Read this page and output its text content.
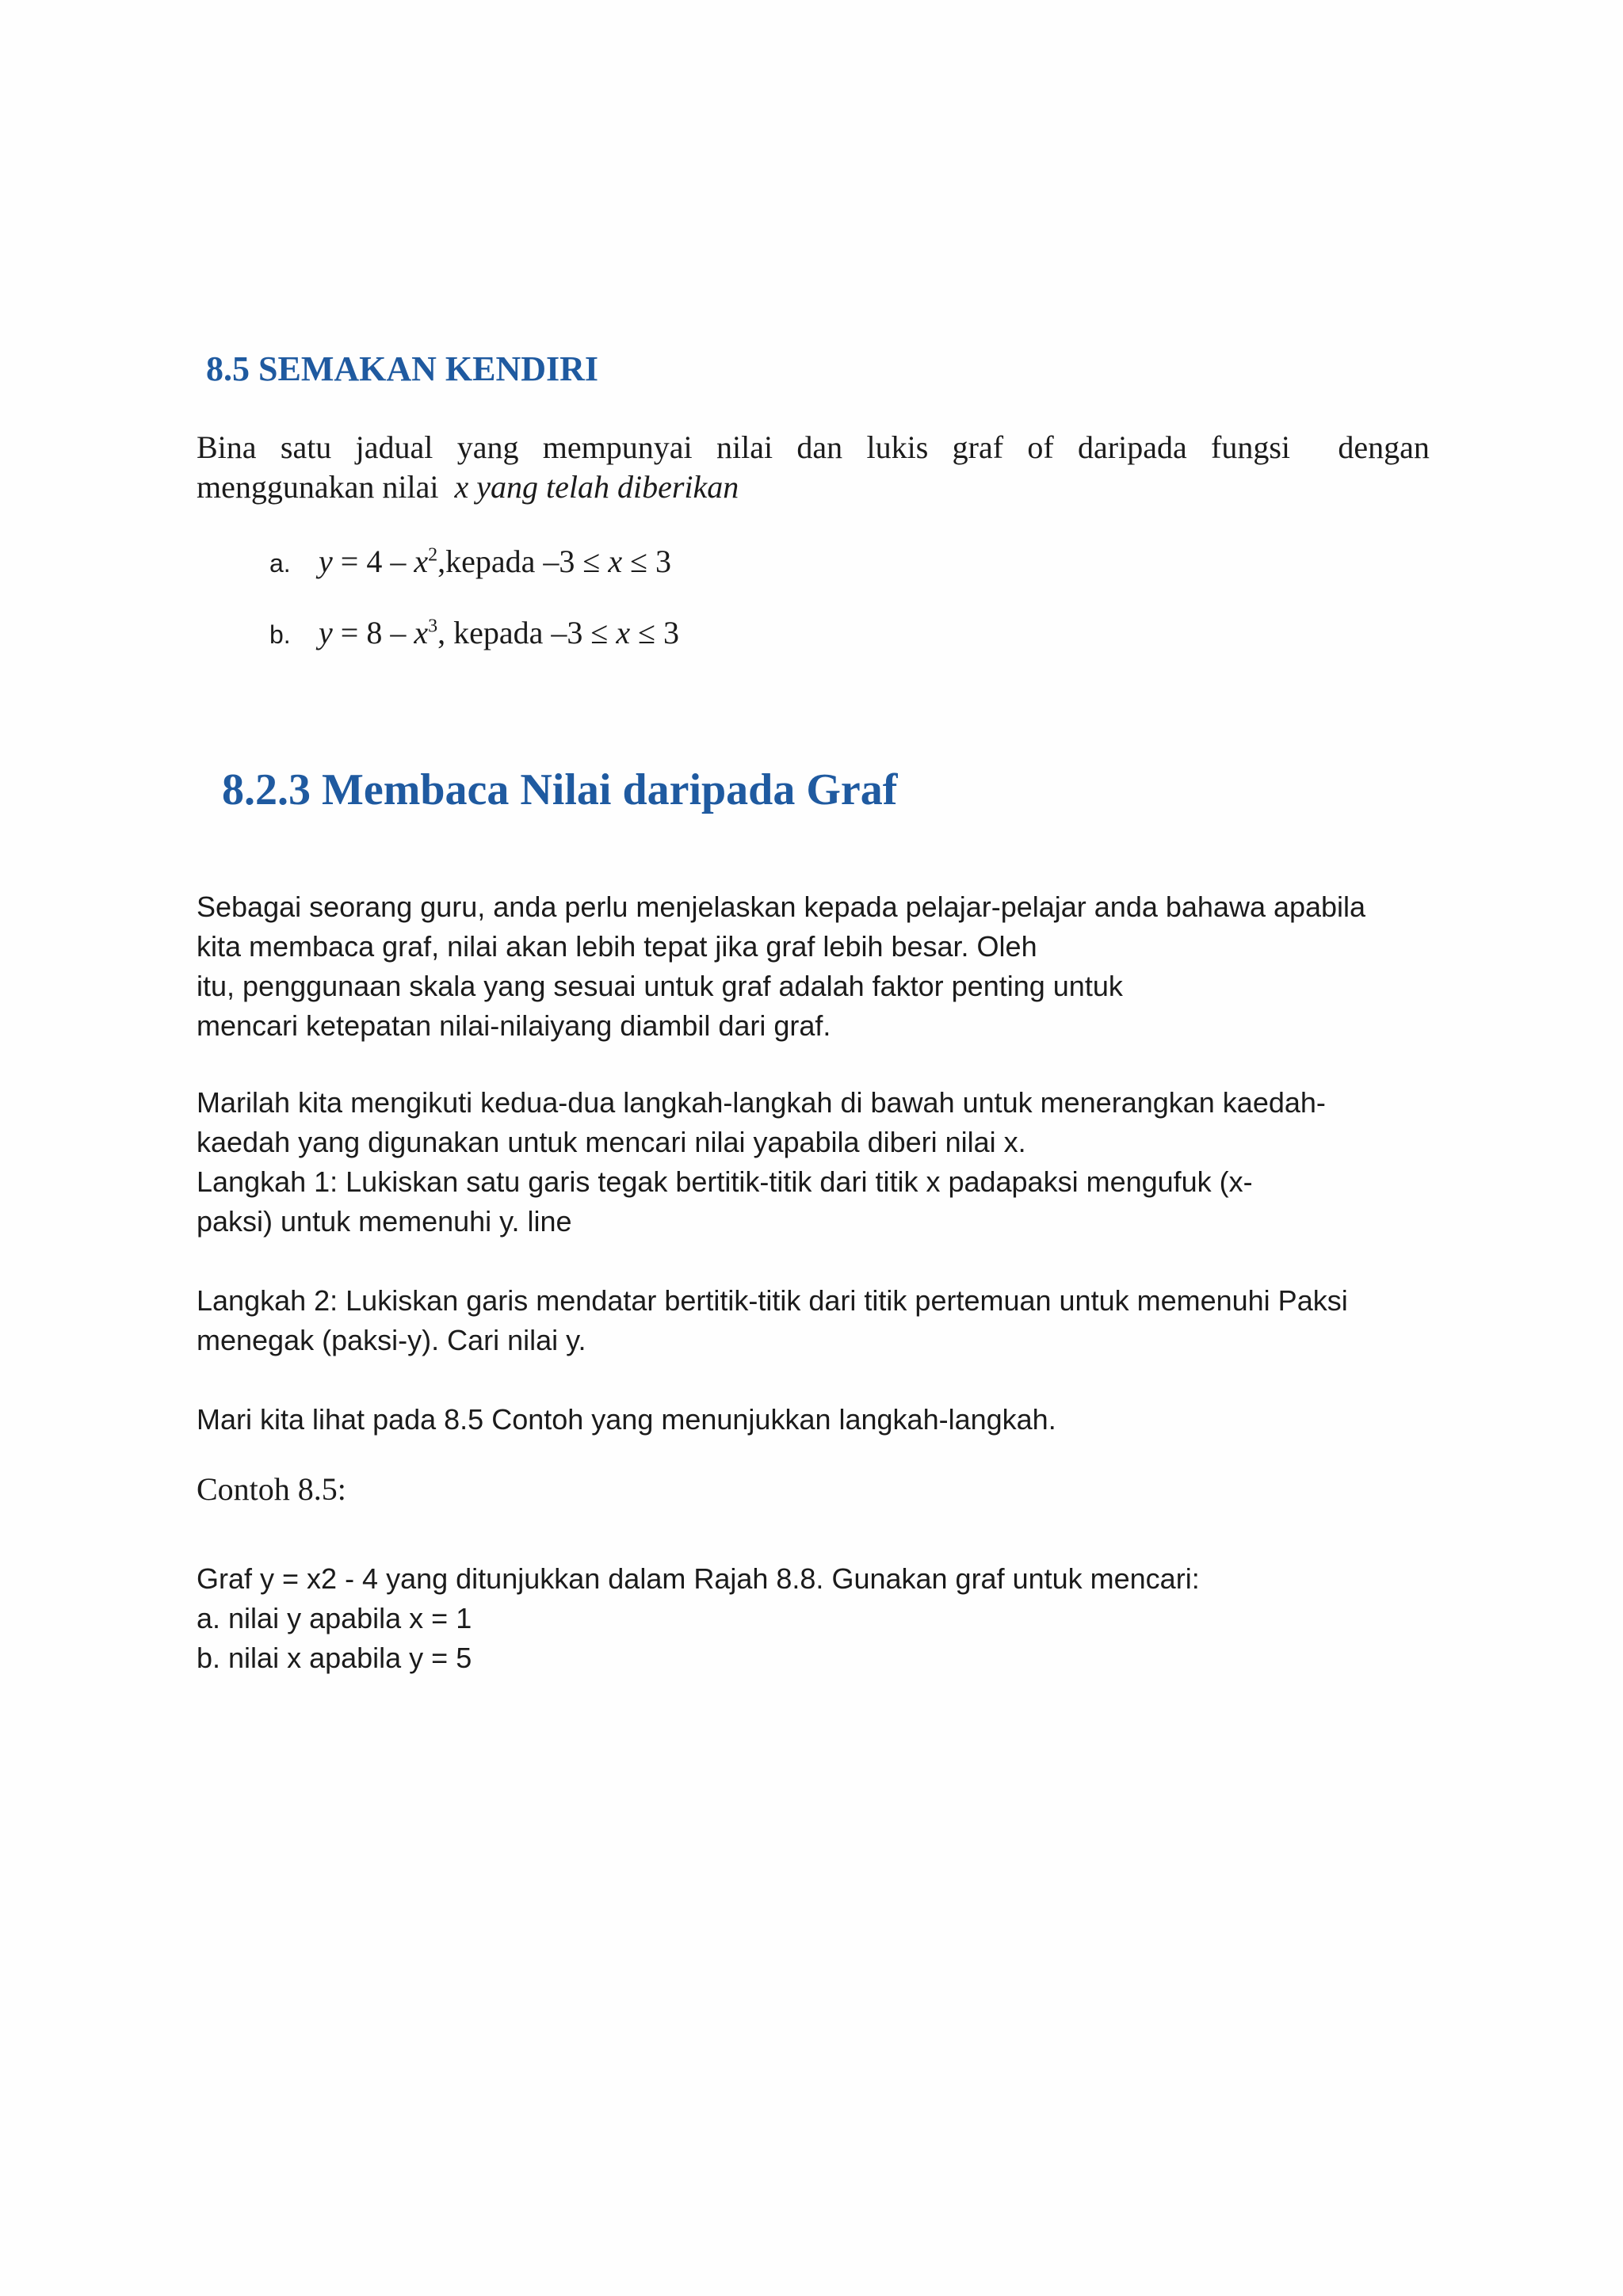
8.5 SEMAKAN KENDIRI
Bina satu jadual yang mempunyai nilai dan lukis graf of daripada fungsi	dengan
menggunakan nilai x yang telah diberikan
a. $y = 4 - x^2,kepada$ –3 ≤ x ≤ 3
b. $y = 8 - x^3$, kepada –3 ≤ x ≤ 3
8.2.3 Membaca Nilai daripada Graf
Sebagai seorang guru, anda perlu menjelaskan kepada pelajar-pelajar anda bahawa apabila
kita membaca graf, nilai akan lebih tepat jika graf lebih besar. Oleh
itu, penggunaan skala yang sesuai untuk graf adalah faktor penting untuk
mencari ketepatan nilai-nilaiyang diambil dari graf.
Marilah kita mengikuti kedua-dua langkah-langkah di bawah untuk menerangkan kaedah-
kaedah yang digunakan untuk mencari nilai yapabila diberi nilai x.
Langkah 1: Lukiskan satu garis tegak bertitik-titik dari titik x padapaksi mengufuk (x-
paksi) untuk memenuhi y. line
Langkah 2: Lukiskan garis mendatar bertitik-titik dari titik pertemuan untuk memenuhi Paksi
menegak (paksi-y). Cari nilai y.
Mari kita lihat pada 8.5 Contoh yang menunjukkan langkah-langkah.
Contoh 8.5:
Graf y = x2 - 4 yang ditunjukkan dalam Rajah 8.8. Gunakan graf untuk mencari:
a. nilai y apabila x = 1
b. nilai x apabila y = 5
